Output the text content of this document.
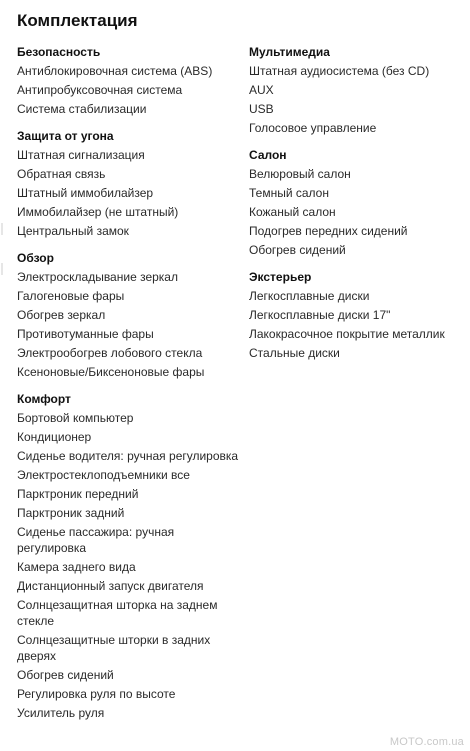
Комплектация
Безопасность
Антиблокировочная система (ABS)
Антипробуксовочная система
Система стабилизации
Защита от угона
Штатная сигнализация
Обратная связь
Штатный иммобилайзер
Иммобилайзер (не штатный)
Центральный замок
Обзор
Электроскладывание зеркал
Галогеновые фары
Обогрев зеркал
Противотуманные фары
Электрообогрев лобового стекла
Ксеноновые/Биксеноновые фары
Комфорт
Бортовой компьютер
Кондиционер
Сиденье водителя: ручная регулировка
Электростеклоподъемники все
Парктроник передний
Парктроник задний
Сиденье пассажира: ручная регулировка
Камера заднего вида
Дистанционный запуск двигателя
Солнцезащитная шторка на заднем стекле
Солнцезащитные шторки в задних дверях
Обогрев сидений
Регулировка руля по высоте
Усилитель руля
Мультимедиа
Штатная аудиосистема (без CD)
AUX
USB
Голосовое управление
Салон
Велюровый салон
Темный салон
Кожаный салон
Подогрев передних сидений
Обогрев сидений
Экстерьер
Легкосплавные диски
Легкосплавные диски 17"
Лакокрасочное покрытие металлик
Стальные диски
MOTO.com.ua
